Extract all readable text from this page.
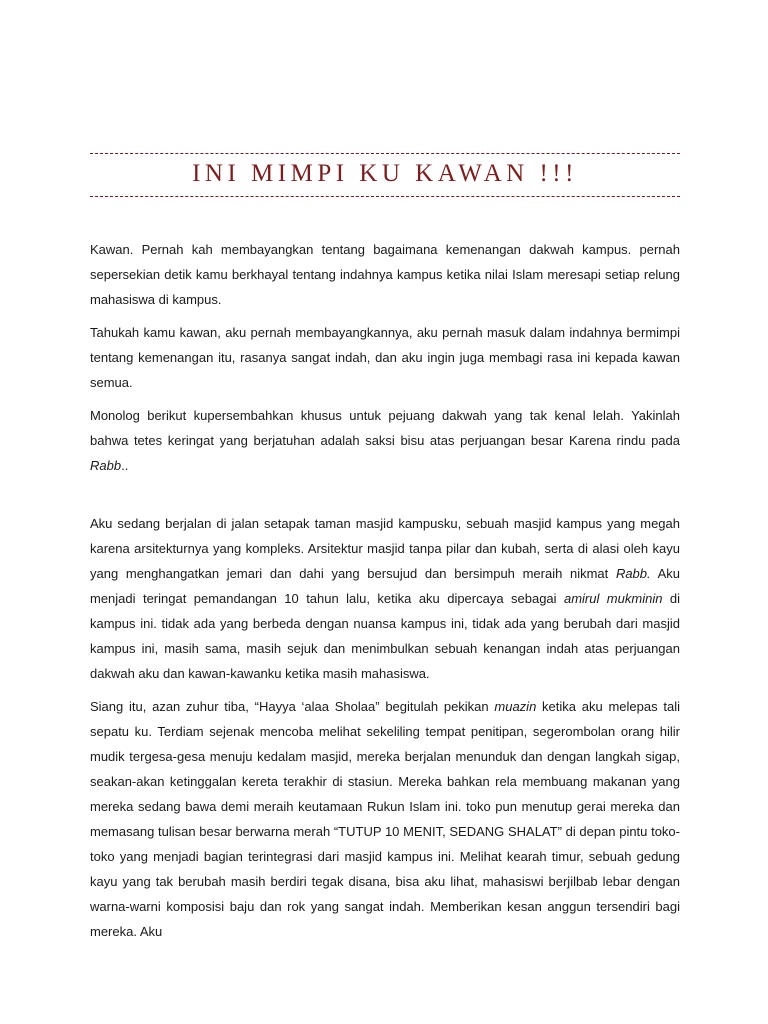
INI MIMPI KU KAWAN !!!

Kawan. Pernah kah membayangkan tentang bagaimana kemenangan dakwah kampus. pernah sepersekian detik kamu berkhayal tentang indahnya kampus ketika nilai Islam meresapi setiap relung mahasiswa di kampus.

Tahukah kamu kawan, aku pernah membayangkannya, aku pernah masuk dalam indahnya bermimpi tentang kemenangan itu, rasanya sangat indah, dan aku ingin juga membagi rasa ini kepada kawan semua.

Monolog berikut kupersembahkan khusus untuk pejuang dakwah yang tak kenal lelah. Yakinlah bahwa tetes keringat yang berjatuhan adalah saksi bisu atas perjuangan besar Karena rindu pada Rabb..

Aku sedang berjalan di jalan setapak taman masjid kampusku, sebuah masjid kampus yang megah karena arsitekturnya yang kompleks. Arsitektur masjid tanpa pilar dan kubah, serta di alasi oleh kayu yang menghangatkan jemari dan dahi yang bersujud dan bersimpuh meraih nikmat Rabb. Aku menjadi teringat pemandangan 10 tahun lalu, ketika aku dipercaya sebagai amirul mukminin di kampus ini. tidak ada yang berbeda dengan nuansa kampus ini, tidak ada yang berubah dari masjid kampus ini, masih sama, masih sejuk dan menimbulkan sebuah kenangan indah atas perjuangan dakwah aku dan kawan-kawanku ketika masih mahasiswa.

Siang itu, azan zuhur tiba, “Hayya ‘alaa Sholaa” begitulah pekikan muazin ketika aku melepas tali sepatu ku. Terdiam sejenak mencoba melihat sekeliling tempat penitipan, segerombolan orang hilir mudik tergesa-gesa menuju kedalam masjid, mereka berjalan menunduk dan dengan langkah sigap, seakan-akan ketinggalan kereta terakhir di stasiun. Mereka bahkan rela membuang makanan yang mereka sedang bawa demi meraih keutamaan Rukun Islam ini. toko pun menutup gerai mereka dan memasang tulisan besar berwarna merah “TUTUP 10 MENIT, SEDANG SHALAT” di depan pintu toko-toko yang menjadi bagian terintegrasi dari masjid kampus ini. Melihat kearah timur, sebuah gedung kayu yang tak berubah masih berdiri tegak disana, bisa aku lihat, mahasiswi berjilbab lebar dengan warna-warni komposisi baju dan rok yang sangat indah. Memberikan kesan anggun tersendiri bagi mereka. Aku
